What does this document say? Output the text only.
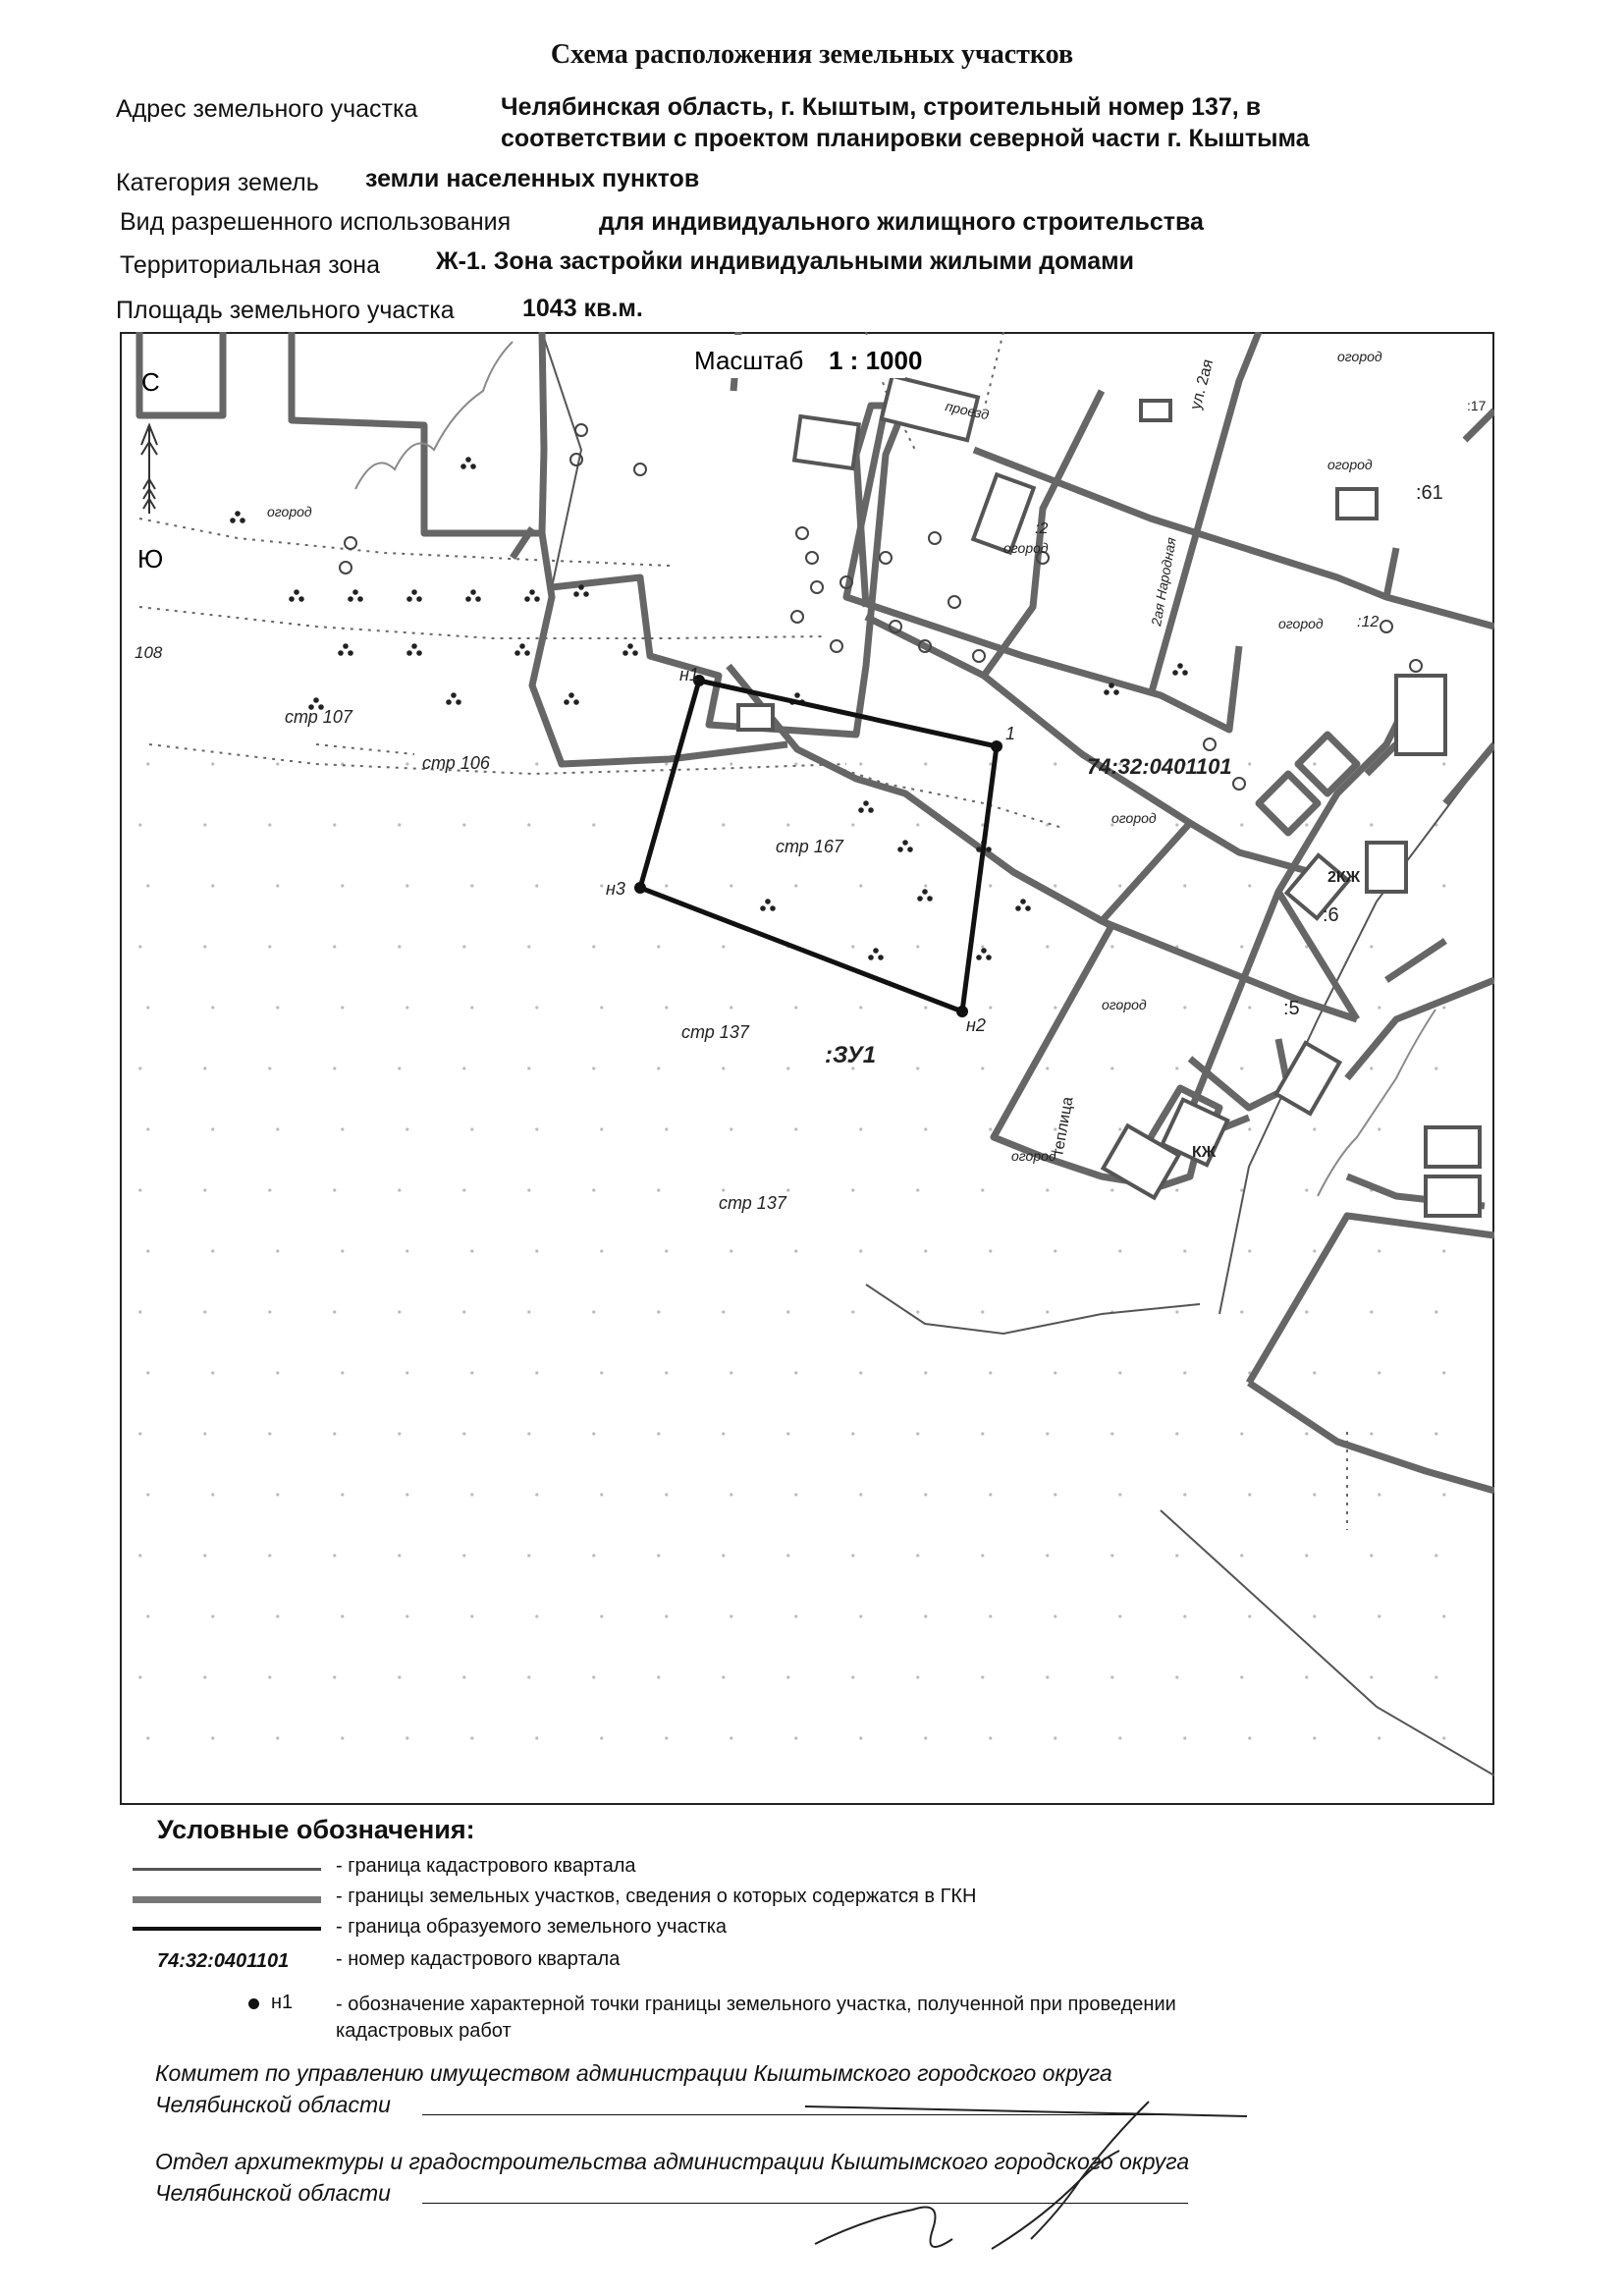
Схема расположения земельных участков
Адрес земельного участка	Челябинская область, г. Кыштым, строительный номер 137, в
соответствии с проектом планировки северной части г. Кыштыма
Категория земель земли населенных пунктов
Вид разрешенного использования	для индивидуального жилищного строительства
Территориальная зона Ж-1. Зона застройки индивидуальными жилыми домами
Площадь земельного участка	1043 кв.м.
С
Ю
Масштаб 1 : 1000
74:32:0401101
:ЗУ1
н1
1
н2
н3
стр 137
стр 137
стр 167
стр 106
стр 107
108
огород
огород
огород
огород
огород
огород
огород
огород
:2
:12
:61
:6
:5
:17
КЖ
2КЖ
проезд	ул. 2ая
2ая Народная
теплица
Условные обозначения:
- граница кадастрового квартала
- границы земельных участков, сведения о которых содержатся в ГКН
- граница образуемого земельного участка
74:32:0401101 - номер кадастрового квартала
н1 - обозначение характерной точки границы земельного участка, полученной при проведении
кадастровых работ
Комитет по управлению имуществом администрации Кыштымского городского округа
Челябинской области
Отдел архитектуры и градостроительства администрации Кыштымского городского округа
Челябинской области
